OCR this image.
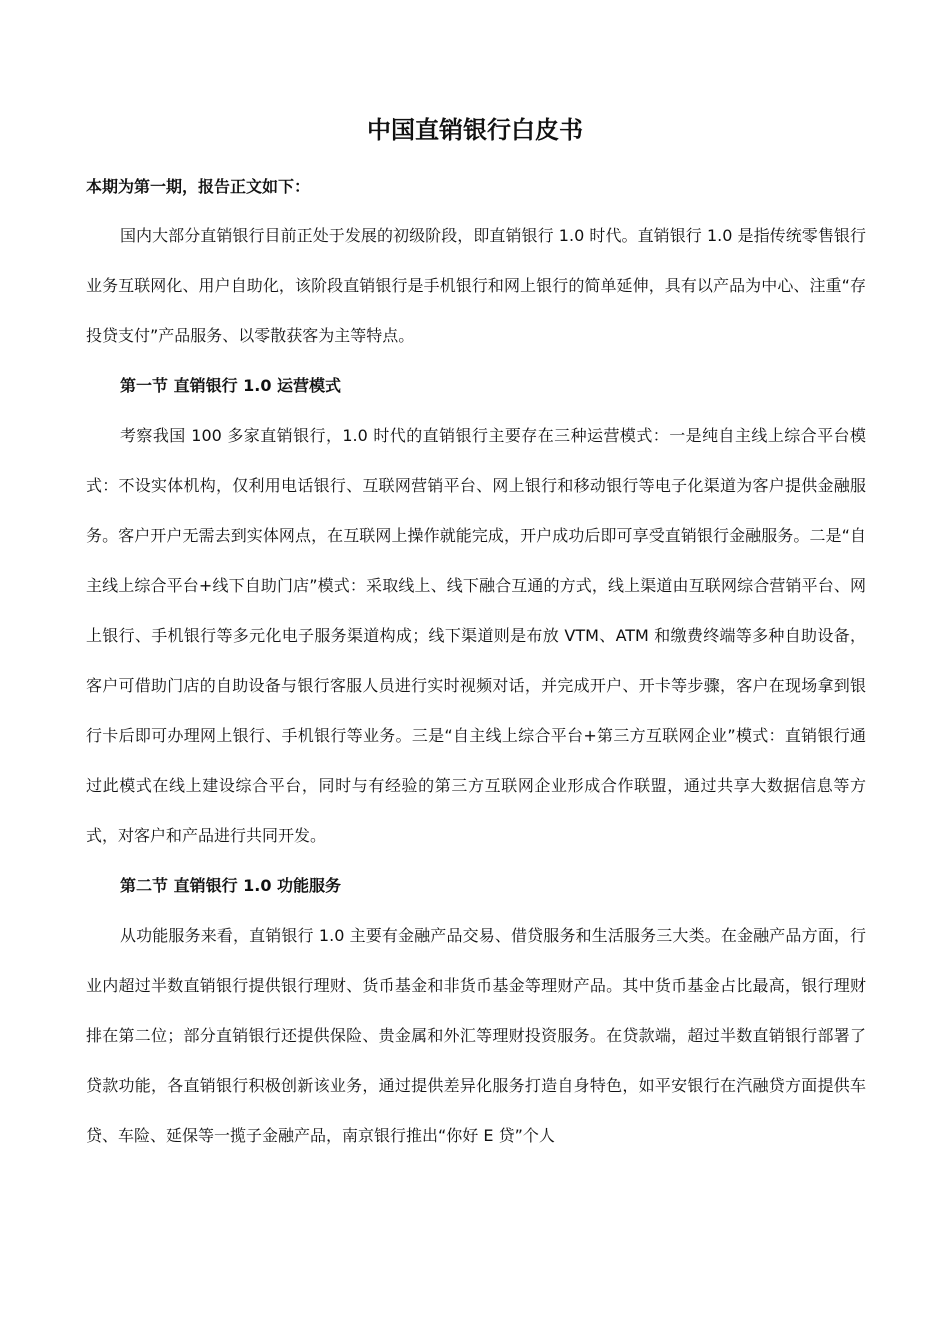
中国直销银行白皮书

本期为第一期，报告正文如下：

国内大部分直销银行目前正处于发展的初级阶段，即直销银行 1.0 时代。直销银行 1.0 是指传统零售银行业务互联网化、用户自助化，该阶段直销银行是手机银行和网上银行的简单延伸，具有以产品为中心、注重“存投贷支付”产品服务、以零散获客为主等特点。

第一节 直销银行 1.0 运营模式

考察我国 100 多家直销银行，1.0 时代的直销银行主要存在三种运营模式：一是纯自主线上综合平台模式：不设实体机构，仅利用电话银行、互联网营销平台、网上银行和移动银行等电子化渠道为客户提供金融服务。客户开户无需去到实体网点，在互联网上操作就能完成，开户成功后即可享受直销银行金融服务。二是“自主线上综合平台+线下自助门店”模式：采取线上、线下融合互通的方式，线上渠道由互联网综合营销平台、网上银行、手机银行等多元化电子服务渠道构成；线下渠道则是布放 VTM、ATM 和缴费终端等多种自助设备，客户可借助门店的自助设备与银行客服人员进行实时视频对话，并完成开户、开卡等步骤，客户在现场拿到银行卡后即可办理网上银行、手机银行等业务。三是“自主线上综合平台+第三方互联网企业”模式：直销银行通过此模式在线上建设综合平台，同时与有经验的第三方互联网企业形成合作联盟，通过共享大数据信息等方式，对客户和产品进行共同开发。

第二节 直销银行 1.0 功能服务

从功能服务来看，直销银行 1.0 主要有金融产品交易、借贷服务和生活服务三大类。在金融产品方面，行业内超过半数直销银行提供银行理财、货币基金和非货币基金等理财产品。其中货币基金占比最高，银行理财排在第二位；部分直销银行还提供保险、贵金属和外汇等理财投资服务。在贷款端，超过半数直销银行部署了贷款功能，各直销银行积极创新该业务，通过提供差异化服务打造自身特色，如平安银行在汽融贷方面提供车贷、车险、延保等一揽子金融产品，南京银行推出“你好 E 贷”个人
